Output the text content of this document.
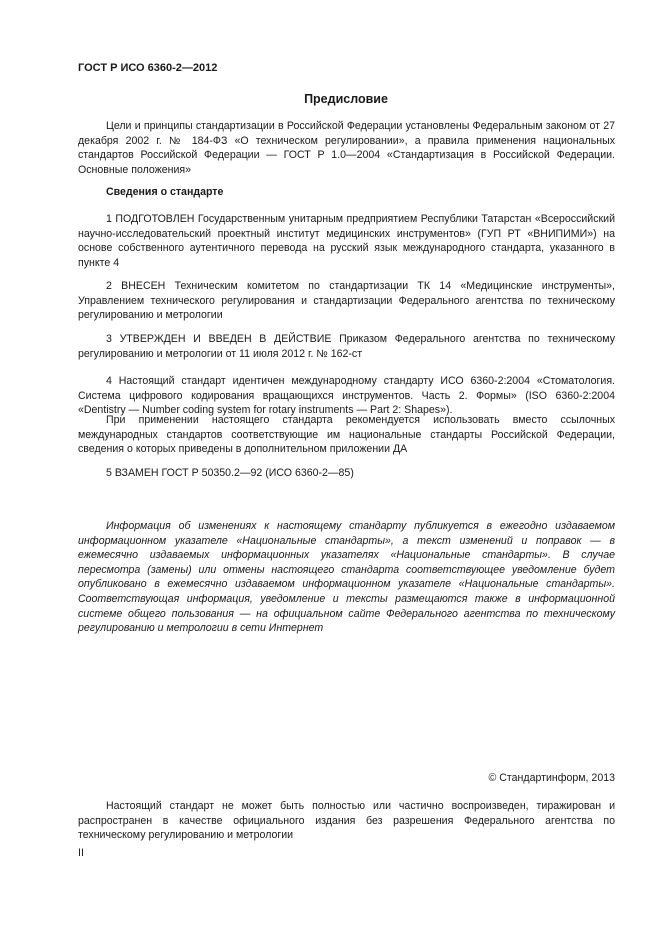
ГОСТ Р ИСО 6360-2—2012
Предисловие

Цели и принципы стандартизации в Российской Федерации установлены Федеральным законом от 27 декабря 2002 г. № 184-ФЗ «О техническом регулировании», а правила применения национальных стандартов Российской Федерации — ГОСТ Р 1.0—2004 «Стандартизация в Российской Федерации. Основные положения»

Сведения о стандарте

1 ПОДГОТОВЛЕН Государственным унитарным предприятием Республики Татарстан «Всероссийский научно-исследовательский проектный институт медицинских инструментов» (ГУП РТ «ВНИПИМИ») на основе собственного аутентичного перевода на русский язык международного стандарта, указанного в пункте 4

2 ВНЕСЕН Техническим комитетом по стандартизации ТК 14 «Медицинские инструменты», Управлением технического регулирования и стандартизации Федерального агентства по техническому регулированию и метрологии

3 УТВЕРЖДЕН И ВВЕДЕН В ДЕЙСТВИЕ Приказом Федерального агентства по техническому регулированию и метрологии от 11 июля 2012 г. № 162-ст

4 Настоящий стандарт идентичен международному стандарту ИСО 6360-2:2004 «Стоматология. Система цифрового кодирования вращающихся инструментов. Часть 2. Формы» (ISO 6360-2:2004 «Dentistry — Number coding system for rotary instruments — Part 2: Shapes»).

При применении настоящего стандарта рекомендуется использовать вместо ссылочных международных стандартов соответствующие им национальные стандарты Российской Федерации, сведения о которых приведены в дополнительном приложении ДА

5 ВЗАМЕН ГОСТ Р 50350.2—92 (ИСО 6360-2—85)

Информация об изменениях к настоящему стандарту публикуется в ежегодно издаваемом информационном указателе «Национальные стандарты», а текст изменений и поправок — в ежемесячно издаваемых информационных указателях «Национальные стандарты». В случае пересмотра (замены) или отмены настоящего стандарта соответствующее уведомление будет опубликовано в ежемесячно издаваемом информационном указателе «Национальные стандарты». Соответствующая информация, уведомление и тексты размещаются также в информационной системе общего пользования — на официальном сайте Федерального агентства по техническому регулированию и метрологии в сети Интернет

© Стандартинформ, 2013

Настоящий стандарт не может быть полностью или частично воспроизведен, тиражирован и распространен в качестве официального издания без разрешения Федерального агентства по техническому регулированию и метрологии

II
